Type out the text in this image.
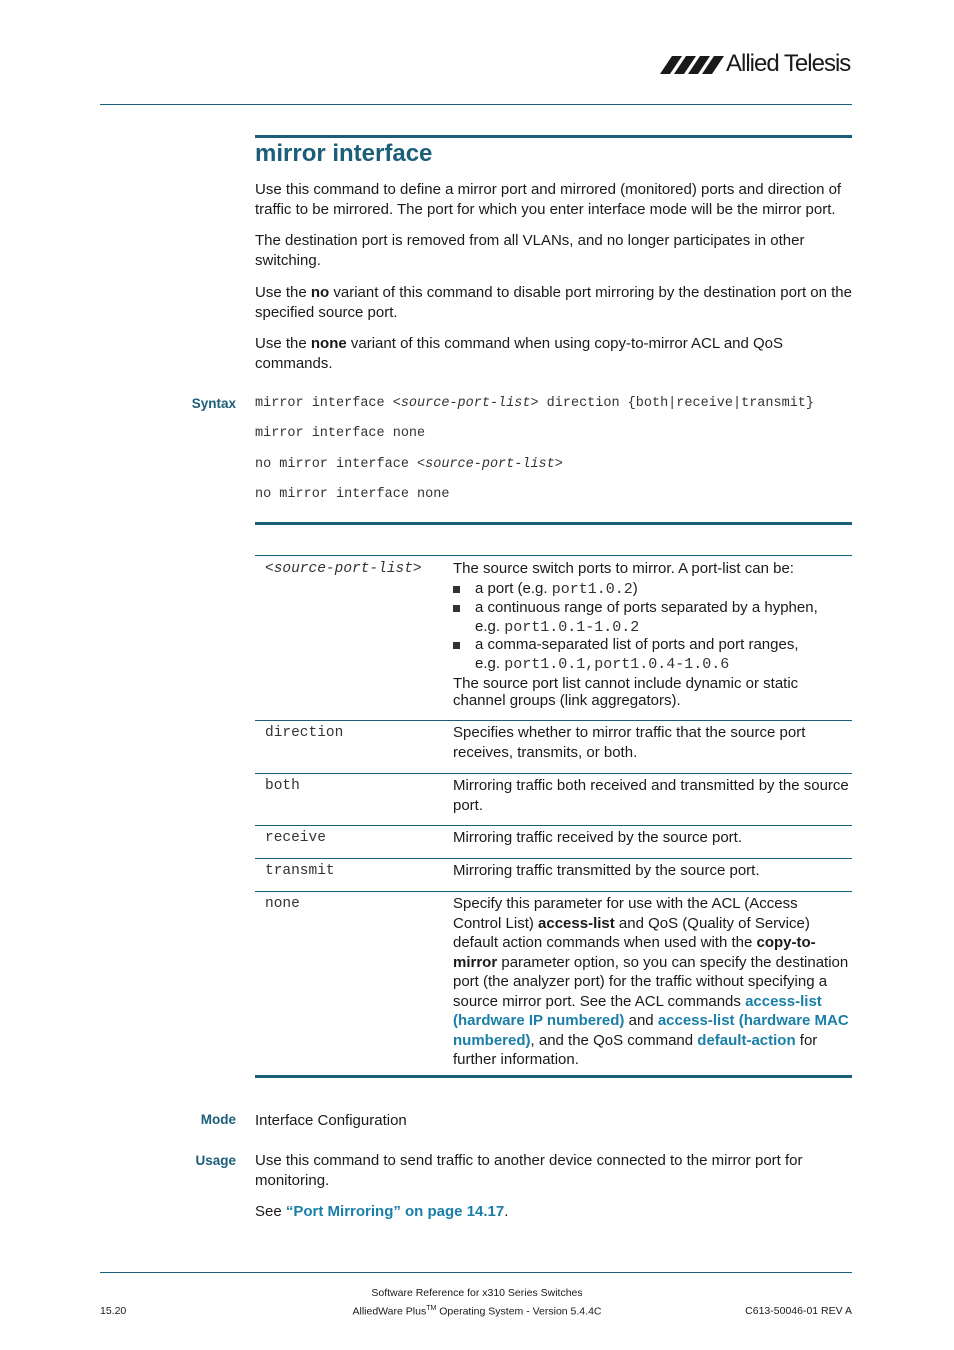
Allied Telesis
mirror interface
Use this command to define a mirror port and mirrored (monitored) ports and direction of traffic to be mirrored. The port for which you enter interface mode will be the mirror port.
The destination port is removed from all VLANs, and no longer participates in other switching.
Use the no variant of this command to disable port mirroring by the destination port on the specified source port.
Use the none variant of this command when using copy-to-mirror ACL and QoS commands.
Syntax mirror interface <source-port-list> direction {both|receive|transmit}
mirror interface none
no mirror interface <source-port-list>
no mirror interface none
<source-port-list> The source switch ports to mirror. A port-list can be:
a port (e.g. port1.0.2)
a continuous range of ports separated by a hyphen,
e.g. port1.0.1-1.0.2
a comma-separated list of ports and port ranges,
e.g. port1.0.1,port1.0.4-1.0.6
The source port list cannot include dynamic or static channel groups (link aggregators).
direction	Specifies whether to mirror traffic that the source port receives, transmits, or both.
both	Mirroring traffic both received and transmitted by the source port.
receive	Mirroring traffic received by the source port.
transmit	Mirroring traffic transmitted by the source port.
none	Specify this parameter for use with the ACL (Access Control List) access-list and QoS (Quality of Service) default action commands when used with the copy-to-mirror parameter option, so you can specify the destination port (the analyzer port) for the traffic without specifying a source mirror port. See the ACL commands access-list (hardware IP numbered) and access-list (hardware MAC numbered), and the QoS command default-action for further information.
Mode Interface Configuration
Usage Use this command to send traffic to another device connected to the mirror port for monitoring.
See “Port Mirroring” on page 14.17.
Software Reference for x310 Series Switches
AlliedWare Plus™ Operating System - Version 5.4.4C
15.20	C613-50046-01 REV A
